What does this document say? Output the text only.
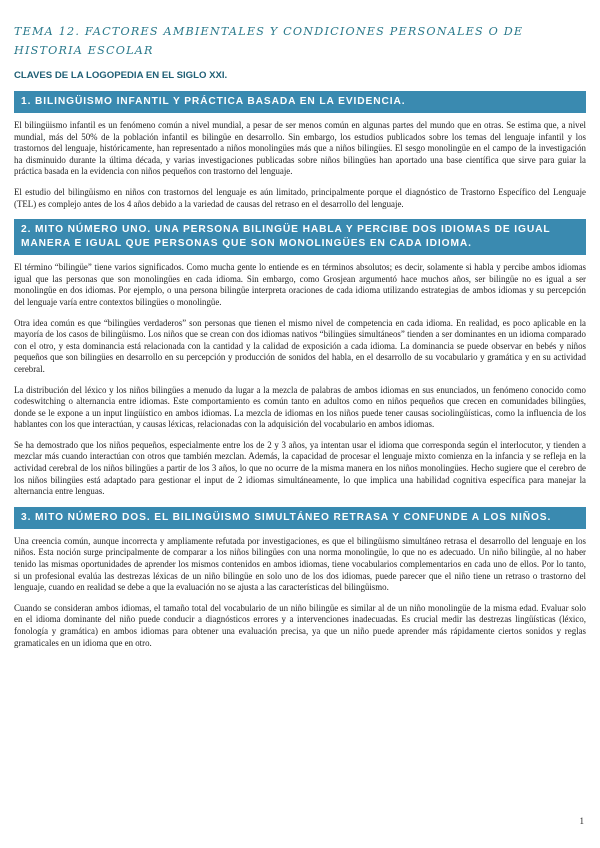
TEMA 12. FACTORES AMBIENTALES Y CONDICIONES PERSONALES O DE HISTORIA ESCOLAR
CLAVES DE LA LOGOPEDIA EN EL SIGLO XXI.
1. BILINGÜISMO INFANTIL Y PRÁCTICA BASADA EN LA EVIDENCIA.

El bilingüismo infantil es un fenómeno común a nivel mundial, a pesar de ser menos común en algunas partes del mundo que en otras. Se estima que, a nivel mundial, más del 50% de la población infantil es bilingüe en desarrollo. Sin embargo, los estudios publicados sobre los temas del lenguaje infantil y los trastornos del lenguaje, históricamente, han representado a niños monolingües más que a niños bilingües. El sesgo monolingüe en el campo de la investigación ha disminuido durante la última década, y varias investigaciones publicadas sobre niños bilingües han aportado una base científica que sirve para guiar la práctica basada en la evidencia con niños pequeños con trastorno del lenguaje.

El estudio del bilingüismo en niños con trastornos del lenguaje es aún limitado, principalmente porque el diagnóstico de Trastorno Específico del Lenguaje (TEL) es complejo antes de los 4 años debido a la variedad de causas del retraso en el desarrollo del lenguaje.

2. MITO NÚMERO UNO. UNA PERSONA BILINGÜE HABLA Y PERCIBE DOS IDIOMAS DE IGUAL MANERA E IGUAL QUE PERSONAS QUE SON MONOLINGÜES EN CADA IDIOMA.

El término “bilingüe” tiene varios significados. Como mucha gente lo entiende es en términos absolutos; es decir, solamente si habla y percibe ambos idiomas igual que las personas que son monolingües en cada idioma. Sin embargo, como Grosjean argumentó hace muchos años, ser bilingüe no es igual a ser monolingüe en dos idiomas. Por ejemplo, o una persona bilingüe interpreta oraciones de cada idioma utilizando estrategias de ambos idiomas y su percepción del lenguaje varía entre contextos bilingües o monolingüe.

Otra idea común es que “bilingües verdaderos” son personas que tienen el mismo nivel de competencia en cada idioma. En realidad, es poco aplicable en la mayoría de los casos de bilingüismo. Los niños que se crean con dos idiomas nativos “bilingües simultáneos” tienden a ser dominantes en un idioma comparado con el otro, y esta dominancia está relacionada con la cantidad y la calidad de exposición a cada idioma. La dominancia se puede observar en bebés y niños pequeños que son bilingües en desarrollo en su percepción y producción de sonidos del habla, en el desarrollo de su vocabulario y gramática y en su actividad cerebral.

La distribución del léxico y los niños bilingües a menudo da lugar a la mezcla de palabras de ambos idiomas en sus enunciados, un fenómeno conocido como codeswitching o alternancia entre idiomas. Este comportamiento es común tanto en adultos como en niños pequeños que crecen en comunidades bilingües, donde se le expone a un input lingüístico en ambos idiomas. La mezcla de idiomas en los niños puede tener causas sociolingüísticas, como la influencia de los hablantes con los que interactúan, y causas léxicas, relacionadas con la adquisición del vocabulario en ambos idiomas.

Se ha demostrado que los niños pequeños, especialmente entre los de 2 y 3 años, ya intentan usar el idioma que corresponda según el interlocutor, y tienden a mezclar más cuando interactúan con otros que también mezclan. Además, la capacidad de procesar el lenguaje mixto comienza en la infancia y se refleja en la actividad cerebral de los niños bilingües a partir de los 3 años, lo que no ocurre de la misma manera en los niños monolingües. Hecho sugiere que el cerebro de los niños bilingües está adaptado para gestionar el input de 2 idiomas simultáneamente, lo que implica una habilidad cognitiva específica para manejar la alternancia entre lenguas.

3. MITO NÚMERO DOS. EL BILINGÜISMO SIMULTÁNEO RETRASA Y CONFUNDE A LOS NIÑOS.

Una creencia común, aunque incorrecta y ampliamente refutada por investigaciones, es que el bilingüismo simultáneo retrasa el desarrollo del lenguaje en los niños. Esta noción surge principalmente de comparar a los niños bilingües con una norma monolingüe, lo que no es adecuado. Un niño bilingüe, al no haber tenido las mismas oportunidades de aprender los mismos contenidos en ambos idiomas, tiene vocabularios complementarios en cada uno de ellos. Por lo tanto, si un profesional evalúa las destrezas léxicas de un niño bilingüe en solo uno de los dos idiomas, puede parecer que el niño tiene un retraso o trastorno del lenguaje, cuando en realidad se debe a que la evaluación no se ajusta a las características del bilingüismo.

Cuando se consideran ambos idiomas, el tamaño total del vocabulario de un niño bilingüe es similar al de un niño monolingüe de la misma edad. Evaluar solo en el idioma dominante del niño puede conducir a diagnósticos errores y a intervenciones inadecuadas. Es crucial medir las destrezas lingüísticas (léxico, fonología y gramática) en ambos idiomas para obtener una evaluación precisa, ya que un niño puede aprender más rápidamente ciertos sonidos y reglas gramaticales en un idioma que en otro.

1
